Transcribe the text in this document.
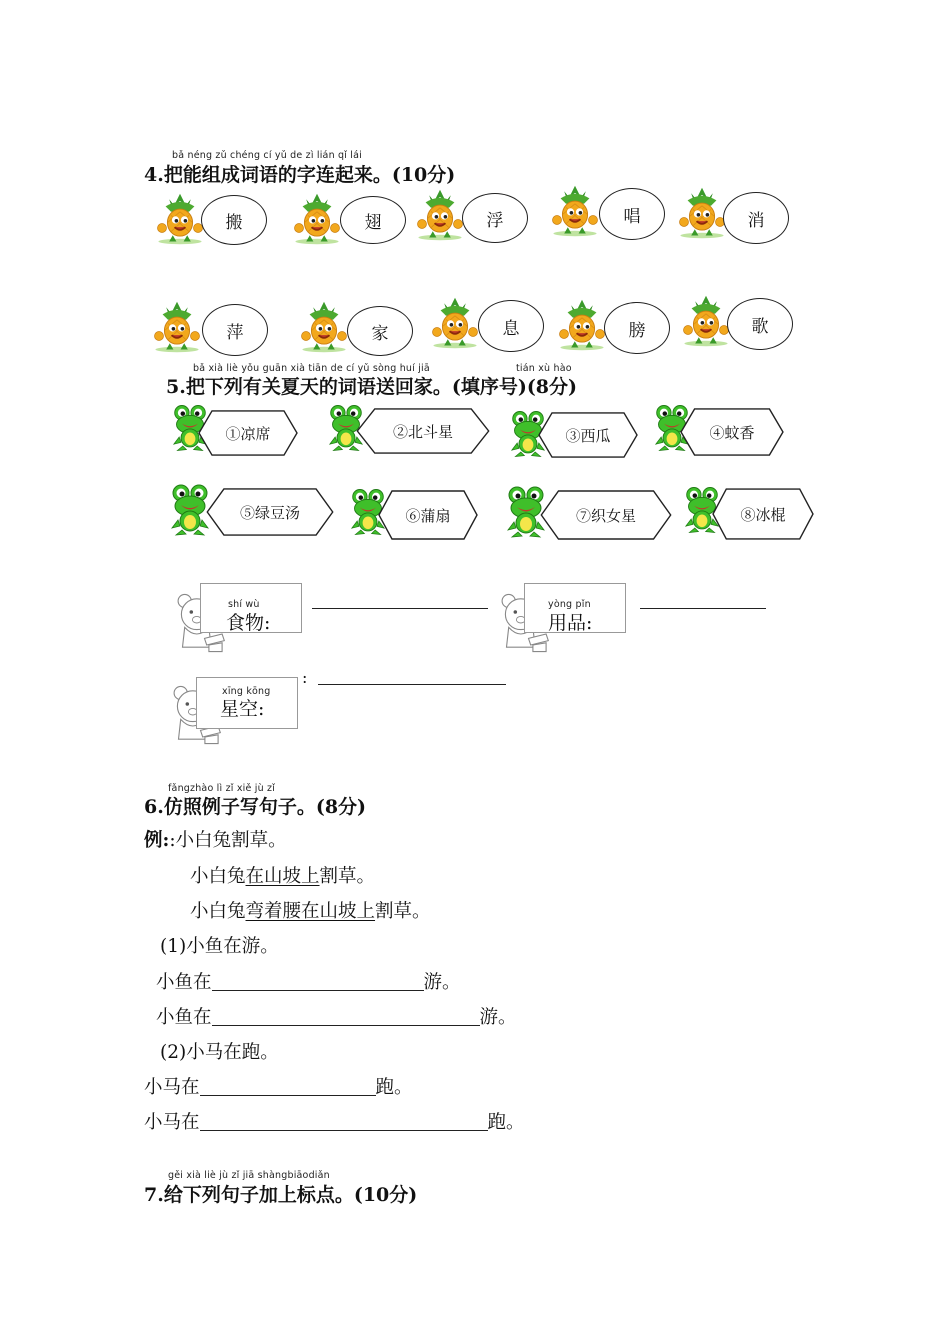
bǎ néng zǔ chéng cí yǔ de zì lián qǐ lái
4.把能组成词语的字连起来。(10分)
搬	翅	浮	唱	消
萍	家	息	膀	歌
bǎ xià liè yǒu guān xià tiān de cí yǔ sòng huí jiā	tián xù hào
5.把下列有关夏天的词语送回家。(填序号)(8分)
①凉席	②北斗星	③西瓜	④蚊香
⑤绿豆汤	⑥蒲扇	⑦织女星	⑧冰棍
shí wù
食物:
yòng pǐn
用品:
xīng kōng
星空:
:
fǎngzhào lì zǐ xiě jù zǐ
6.仿照例子写句子。(8分)
例::小白兔割草。
小白兔在山坡上割草。
小白兔弯着腰在山坡上割草。
(1)小鱼在游。
小鱼在	游。
小鱼在	游。
(2)小马在跑。
小马在	跑。
小马在	跑。
gěi xià liè jù zǐ jiā shàngbiāodiǎn
7.给下列句子加上标点。(10分)
